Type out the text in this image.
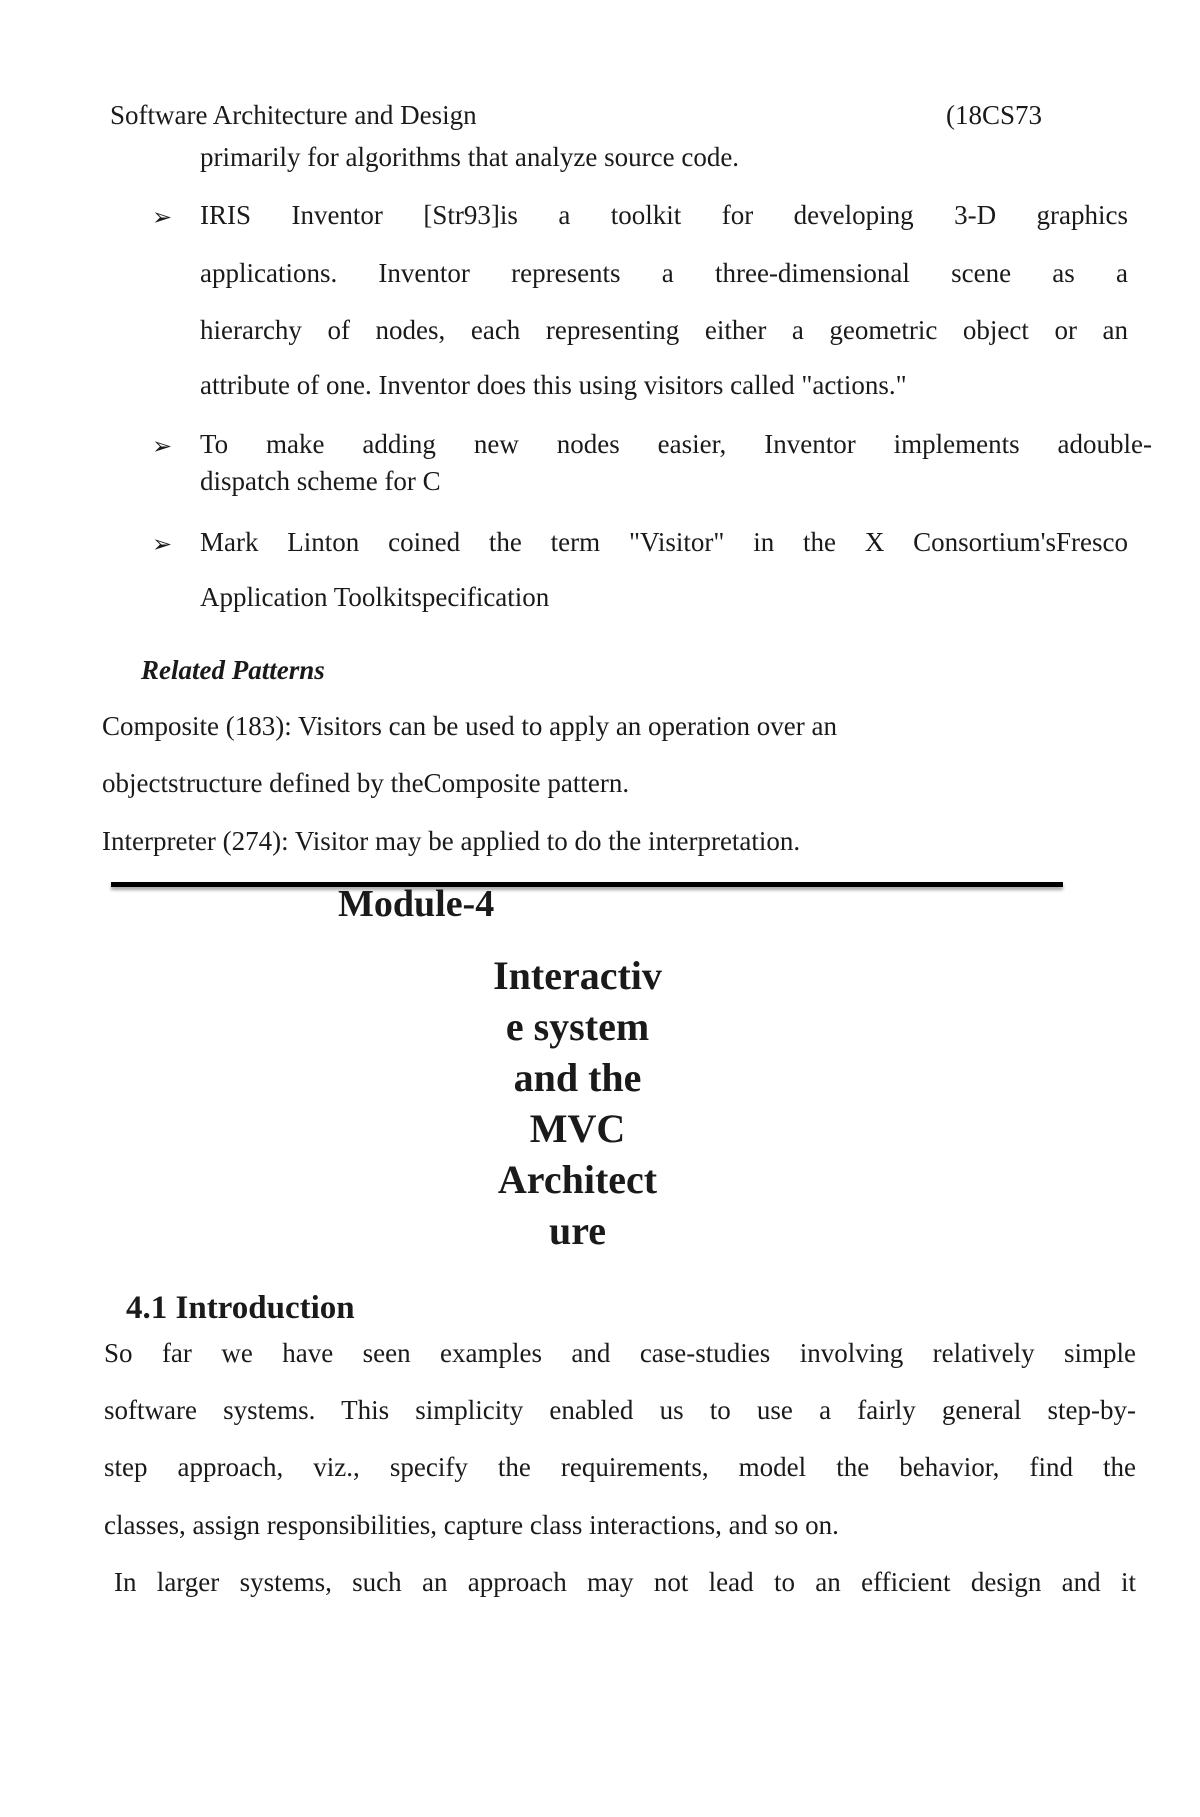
Software Architecture and Design	(18CS73
primarily for algorithms that analyze source code.
➢ IRIS Inventor [Str93]is a toolkit for developing 3-D graphics
applications. Inventor represents a three-dimensional scene as a
hierarchy of nodes, each representing either a geometric object or an
attribute of one. Inventor does this using visitors called "actions."
➢ To make adding new nodes easier, Inventor implements adouble-
dispatch scheme for C
➢ Mark Linton coined the term "Visitor" in the X Consortium'sFresco
Application Toolkitspecification
Related Patterns
Composite (183): Visitors can be used to apply an operation over an
objectstructure defined by theComposite pattern.
Interpreter (274): Visitor may be applied to do the interpretation.
Module-4
Interactiv
e system
and the
MVC
Architect
ure
4.1 Introduction
So far we have seen examples and case-studies involving relatively simple
software systems. This simplicity enabled us to use a fairly general step-by-
step approach, viz., specify the requirements, model the behavior, find the
classes, assign responsibilities, capture class interactions, and so on.
In larger systems, such an approach may not lead to an efficient design and it
